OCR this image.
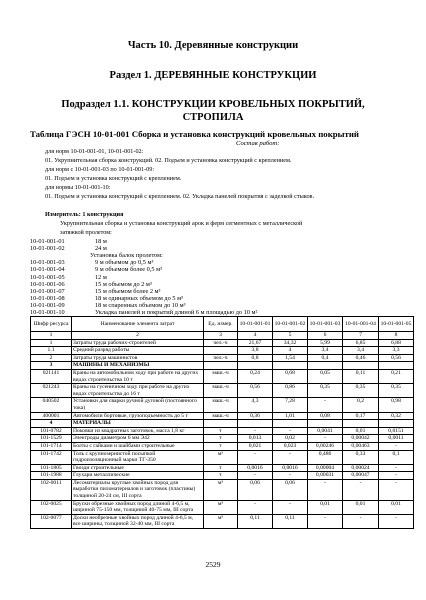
Часть 10. Деревянные конструкции
Раздел 1. ДЕРЕВЯННЫЕ КОНСТРУКЦИИ
Подраздел 1.1. КОНСТРУКЦИИ КРОВЕЛЬНЫХ ПОКРЫТИЙ,
СТРОПИЛА
Таблица ГЭСН 10-01-001 Сборка и установка конструкций кровельных покрытий
Состав работ:
для норм 10-01-001-01, 10-01-001-02:
01. Укрупнительная сборка конструкций. 02. Подъем и установка конструкций с креплением.
для норм с 10-01-001-03 по 10-01-001-09:
01. Подъем и установка конструкций с креплением.
для нормы 10-01-001-10:
01. Подъем и установка конструкций с креплением. 02. Укладка панелей покрытия с заделкой стыков.
Измеритель: 1 конструкция
Укрупнительная сборка и установка конструкций арок и ферм сегментных с металлической
затяжкой пролетом:
10-01-001-01	18 м
10-01-001-02	24 м
Установка балок пролетом:
10-01-001-03	9 м объемом до 0,5 м³
10-01-001-04	9 м объемом более 0,5 м³
10-01-001-05	12 м
10-01-001-06	15 м объемом до 2 м³
10-01-001-07	15 м объемом более 2 м³
10-01-001-08	18 м одинарных объемом до 5 м³
10-01-001-09	18 м спаренных объемом до 10 м³
10-01-001-10	Укладка панелей и покрытий длиной 6 м площадью до 10 м²
Шифр ресурса	Наименование элемента затрат	Ед. измер.	10-01-001-01	10-01-001-02	10-01-001-03	10-01-001-04	10-01-001-05
1	2	3	4	5	6	7	8
1	Затраты труда рабочих-строителей	чел.-ч	21,67	34,32	5,99	6,85	6,88
1.1	Средний разряд работы		3,8	4	3,4	3,4	3,3
2	Затраты труда машинистов	чел.-ч	0,8	1,54	0,4	0,46	0,56
3	МАШИНЫ И МЕХАНИЗМЫ						
021141	Краны на автомобильном ходу при работе на других видах строительства 10 т	маш.-ч	0,24	0,68	0,05	0,11	0,21
021243	Краны на гусеничном ходу при работе на других видах строительства до 16 т	маш.-ч	0,56	0,86	0,35	0,35	0,35
040502	Установки для сварки ручной дуговой (постоянного тока)	маш.-ч	4,3	7,28	-	0,2	0,98
400001	Автомобили бортовые, грузоподъемность до 5 т	маш.-ч	0,36	1,01	0,08	0,17	0,32
4	МАТЕРИАЛЫ						
101-0782	Поковки из квадратных заготовок, масса 1,8 кг	т	-	-	0,0041	0,01	0,0151
101-1529	Электроды диаметром 6 мм Э42	т	0,013	0,02	-	0,00042	0,0011
101-1714	Болты с гайками и шайбами строительные	т	0,021	0,023	0,00246	0,00463	-
101-1742	Толь с крупнозернистой посыпкой гидроизоляционный марки ТГ-350	м²	-	-	0,486	0,33	0,1
101-1805	Гвозди строительные	т	0,0016	0,0016	0,00004	0,00024	-
101-1988	Глухари металлические	т	-	-	0,00031	0,00047	-
102-0011	Лесоматериалы круглые хвойных пород для выработки пиломатериалов и заготовок (пластины) толщиной 20-24 см, III сорта	м³	0,06	0,06	-	-	-
102-0025	Бруски обрезные хвойных пород длиной 4-6,5 м, шириной 75-150 мм, толщиной 40-75 мм, III сорта	м³	-	-	0,01	0,01	0,01
102-0077	Доски необрезные хвойных пород длиной 4-6,5 м, все ширины, толщиной 32-40 мм, III сорта	м³	0,11	0,11	-	-	-
2529
